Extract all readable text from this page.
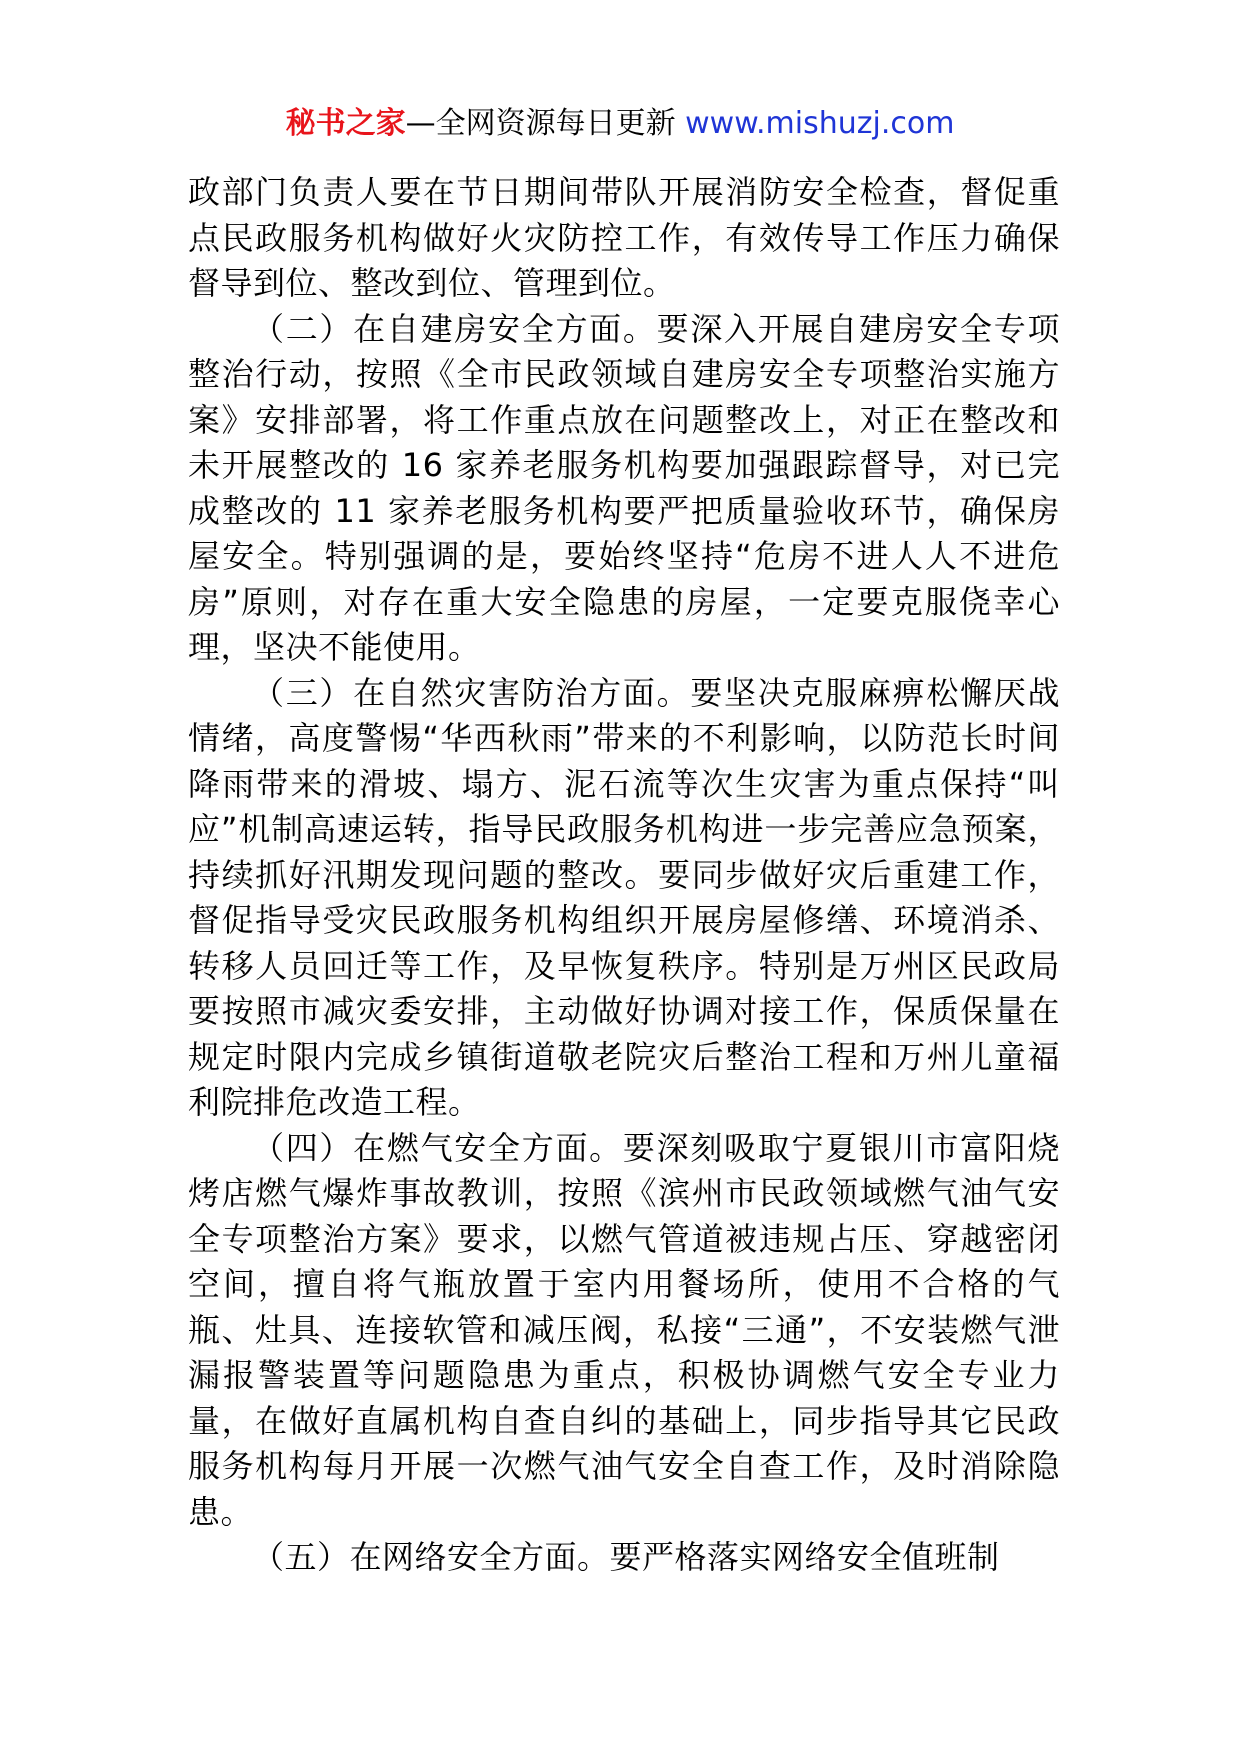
秘书之家—全网资源每日更新 www.mishuzj.com

政部门负责人要在节日期间带队开展消防安全检查，督促重点民政服务机构做好火灾防控工作，有效传导工作压力确保督导到位、整改到位、管理到位。

（二）在自建房安全方面。要深入开展自建房安全专项整治行动，按照《全市民政领域自建房安全专项整治实施方案》安排部署，将工作重点放在问题整改上，对正在整改和未开展整改的 16 家养老服务机构要加强跟踪督导，对已完成整改的 11 家养老服务机构要严把质量验收环节，确保房屋安全。特别强调的是，要始终坚持“危房不进人人不进危房”原则，对存在重大安全隐患的房屋，一定要克服侥幸心理，坚决不能使用。

（三）在自然灾害防治方面。要坚决克服麻痹松懈厌战情绪，高度警惕“华西秋雨”带来的不利影响，以防范长时间降雨带来的滑坡、塌方、泥石流等次生灾害为重点保持“叫应”机制高速运转，指导民政服务机构进一步完善应急预案，持续抓好汛期发现问题的整改。要同步做好灾后重建工作，督促指导受灾民政服务机构组织开展房屋修缮、环境消杀、转移人员回迁等工作，及早恢复秩序。特别是万州区民政局要按照市减灾委安排，主动做好协调对接工作，保质保量在规定时限内完成乡镇街道敬老院灾后整治工程和万州儿童福利院排危改造工程。

（四）在燃气安全方面。要深刻吸取宁夏银川市富阳烧烤店燃气爆炸事故教训，按照《滨州市民政领域燃气油气安全专项整治方案》要求，以燃气管道被违规占压、穿越密闭空间，擅自将气瓶放置于室内用餐场所，使用不合格的气瓶、灶具、连接软管和减压阀，私接“三通”，不安装燃气泄漏报警装置等问题隐患为重点，积极协调燃气安全专业力量，在做好直属机构自查自纠的基础上，同步指导其它民政服务机构每月开展一次燃气油气安全自查工作，及时消除隐患。

（五）在网络安全方面。要严格落实网络安全值班制
